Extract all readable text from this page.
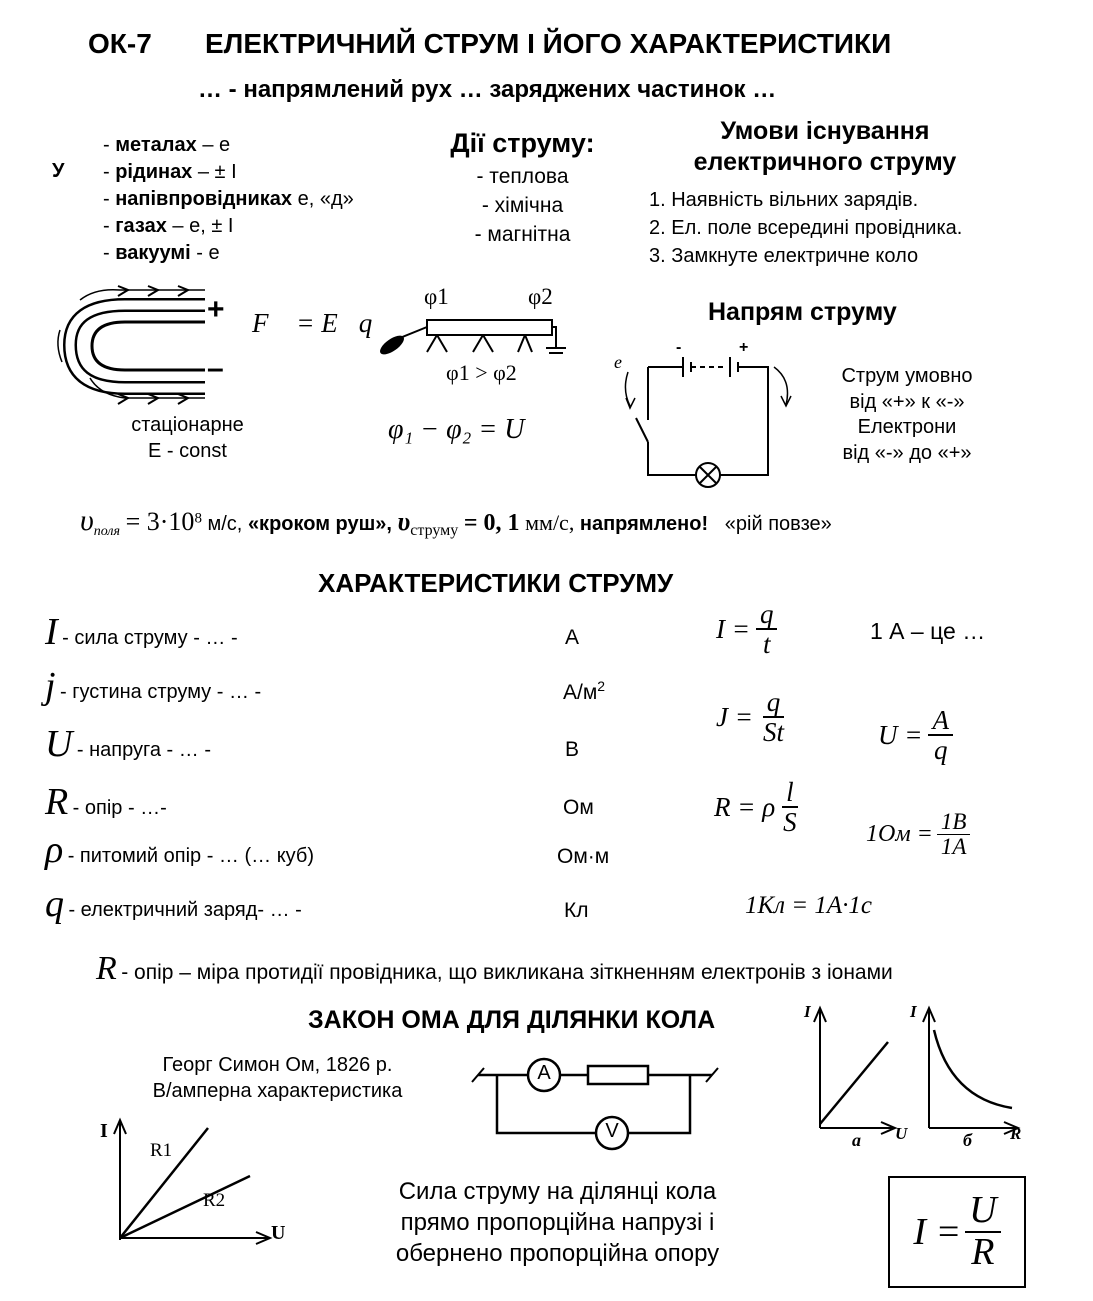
ОК-7 ЕЛЕКТРИЧНИЙ СТРУМ І ЙОГО ХАРАКТЕРИСТИКИ
… - напрямлений рух … заряджених частинок …
У
- металах – е
- рідинах – ± І
- напівпровідниках е, «д»
- газах – е, ± І
- вакуумі - е
Дії струму:
- теплова
- хімічна
- магнітна
Умови існування
електричного струму
1. Наявність вільних зарядів.
2. Ел. поле всередині провідника.
3. Замкнуте електричне коло
+
–
F⃗ = E⃗q
стаціонарне
E - const
φ1	φ2
φ1 > φ2
φ₁ − φ₂ = U
Напрям струму
e
-	+
Струм умовно
від «+» к «-»
Електрони
від «-» до «+»
$\upsilon_{поля} = 3\cdot 10^8$ м/с, «кроком руш», $\upsilon_{струму} = 0$, 1 мм/с, напрямлено! «рій повзе»
ХАРАКТЕРИСТИКИ СТРУМУ
I - сила струму - … -	А
j - густина струму - … -	$А/м^2$
U - напруга - … -	В
R - опір - …-	Ом
ρ - питомий опір - … (… куб)	Ом·м
q - електричний заряд- … -	Кл
$I = \frac{q}{t}$	1 А – це …
$J = \frac{q}{St}$	$U = \frac{A}{q}$
R = ρ $\frac{l}{S}$	$1Ом = \frac{1В}{1А}$
1Кл = 1А·1с
R - опір – міра протидії провідника, що викликана зіткненням електронів з іонами
ЗАКОН ОМА ДЛЯ ДІЛЯНКИ КОЛА
Георг Симон Ом, 1826 р.
В/амперна характеристика
A
V
I
U
а
I
R
б
I
U
R1
R2	Сила струму на ділянці кола
прямо пропорційна напрузі і
обернено пропорційна опору
$I = \frac{U}{R}$
